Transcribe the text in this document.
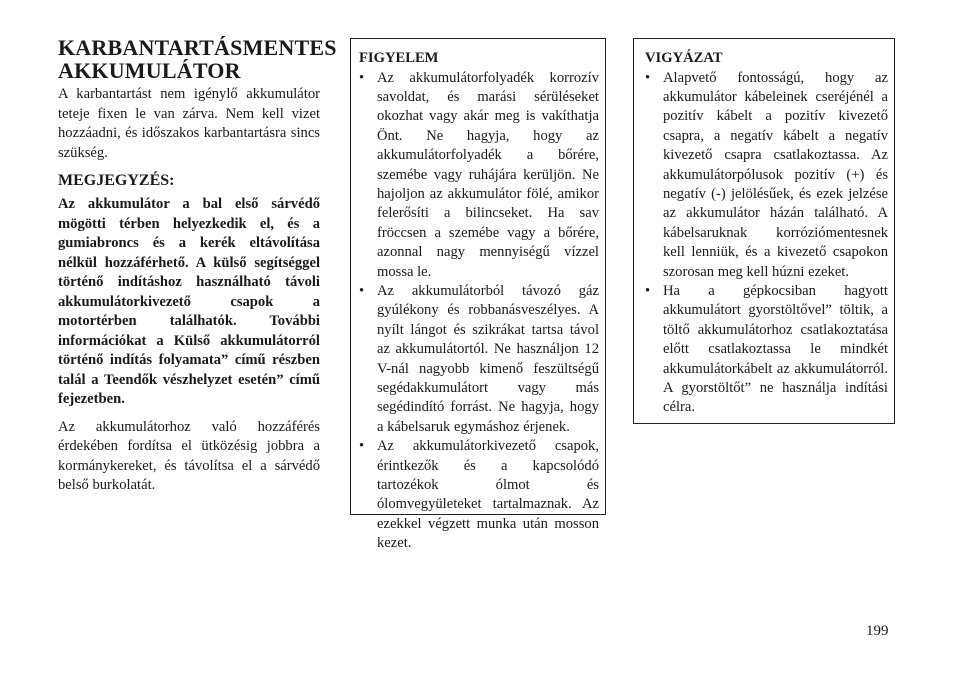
KARBANTARTÁSMENTES
AKKUMULÁTOR

A karbantartást nem igénylő akkumulátor teteje fixen le van zárva. Nem kell vizet hozzáadni, és időszakos karbantartásra sincs szükség.

MEGJEGYZÉS:

Az akkumulátor a bal első sárvédő mögötti térben helyezkedik el, és a gumiabroncs és a kerék eltávolítása nélkül hozzáférhető. A külső segítséggel történő indításhoz használható távoli akkumulátorkivezető csapok a motortérben találhatók. További információkat a Külső akkumulátorról történő indítás folyamata” című részben talál a Teendők vészhelyzet esetén” című fejezetben.

Az akkumulátorhoz való hozzáférés érdekében fordítsa el ütközésig jobbra a kormánykereket, és távolítsa el a sárvédő belső burkolatát.

FIGYELEM
• Az akkumulátorfolyadék korrozív savoldat, és marási sérüléseket okozhat vagy akár meg is vakíthatja Önt. Ne hagyja, hogy az akkumulátorfolyadék a bőrére, szemébe vagy ruhájára kerüljön. Ne hajoljon az akkumulátor fölé, amikor felerősíti a bilincseket. Ha sav fröccsen a szemébe vagy a bőrére, azonnal nagy mennyiségű vízzel mossa le.
• Az akkumulátorból távozó gáz gyúlékony és robbanásveszélyes. A nyílt lángot és szikrákat tartsa távol az akkumulátortól. Ne használjon 12 V-nál nagyobb kimenő feszültségű segédakkumulátort vagy más segédindító forrást. Ne hagyja, hogy a kábelsaruk egymáshoz érjenek.
• Az akkumulátorkivezető csapok, érintkezők és a kapcsolódó tartozékok ólmot és ólomvegyületeket tartalmaznak. Az ezekkel végzett munka után mosson kezet.
VIGYÁZAT
• Alapvető fontosságú, hogy az akkumulátor kábeleinek cseréjénél a pozitív kábelt a pozitív kivezető csapra, a negatív kábelt a negatív kivezető csapra csatlakoztassa. Az akkumulátorpólusok pozitív (+) és negatív (-) jelölésűek, és ezek jelzése az akkumulátor házán található. A kábelsaruknak korróziómentesnek kell lenniük, és a kivezető csapokon szorosan meg kell húzni ezeket.
• Ha a gépkocsiban hagyott akkumulátort gyorstöltővel” töltik, a töltő akkumulátorhoz csatlakoztatása előtt csatlakoztassa le mindkét akkumulátorkábelt az akkumulátorról. A gyorstöltőt” ne használja indítási célra.
199
